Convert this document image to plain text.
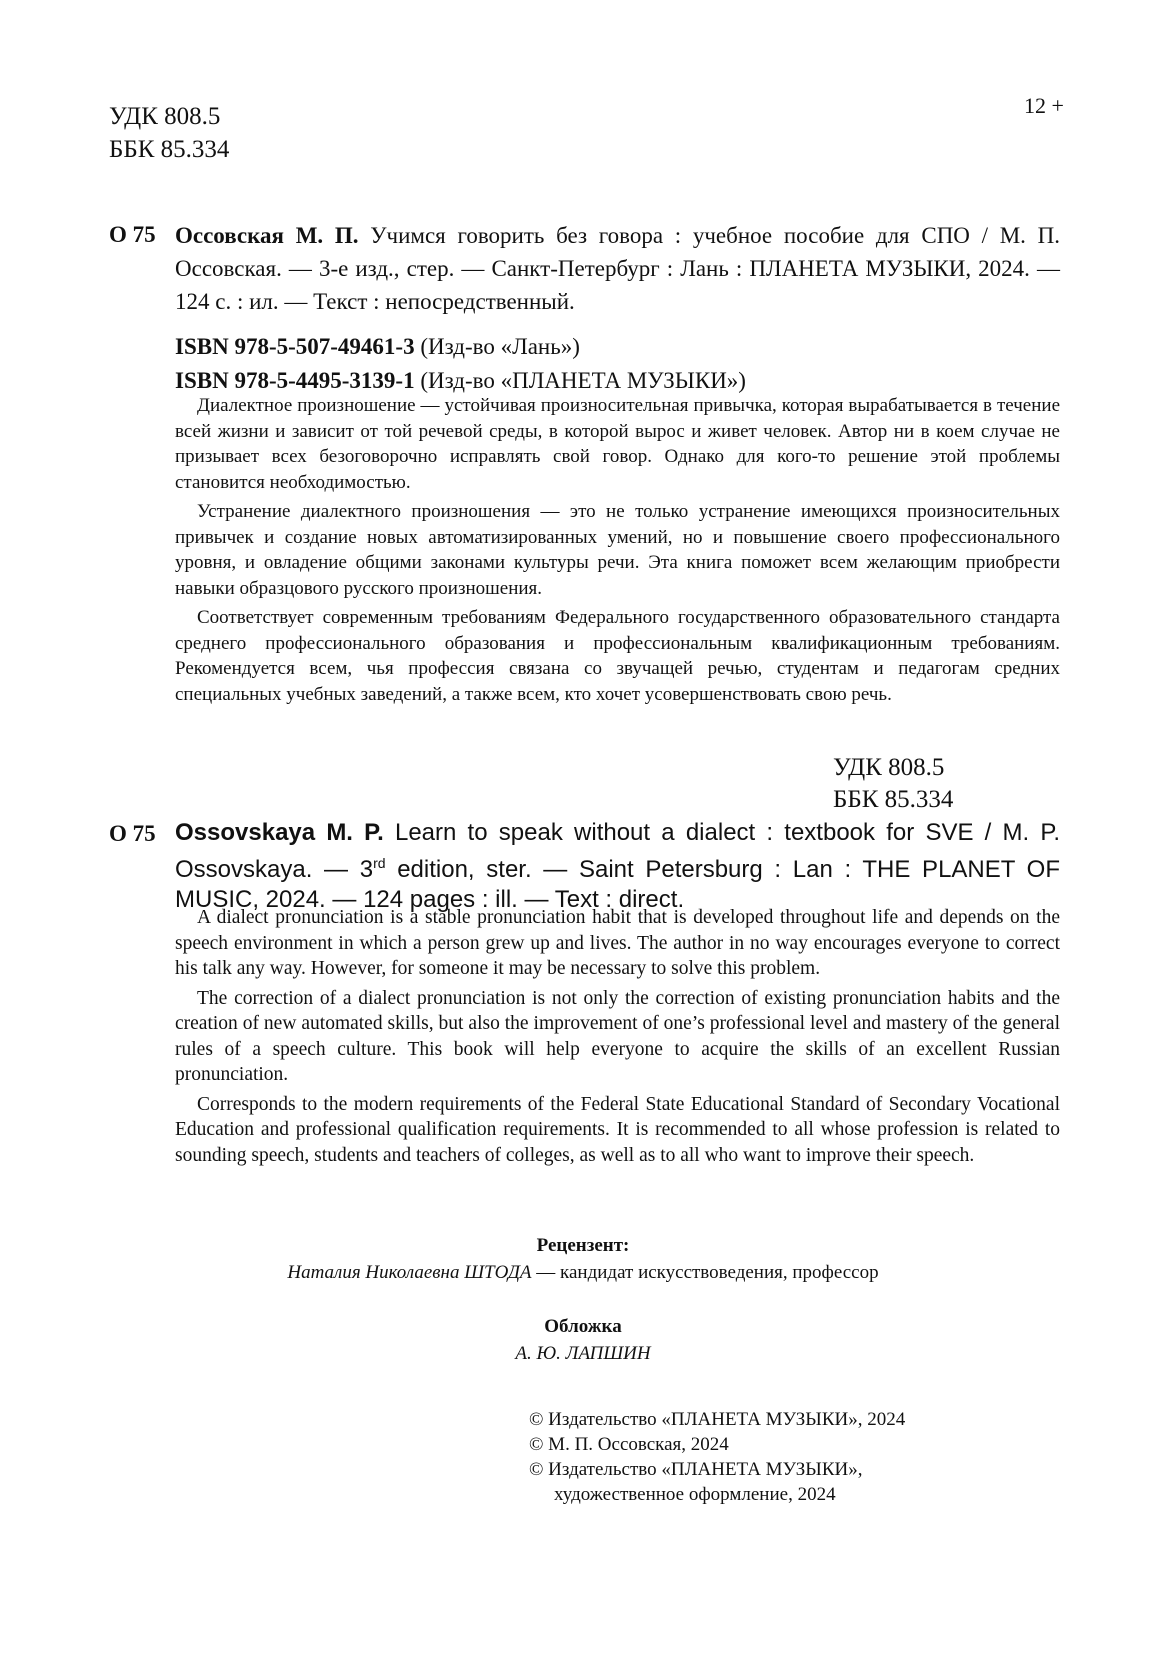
12 +
УДК 808.5
ББК 85.334
О 75 Оссовская М. П. Учимся говорить без говора : учебное пособие для СПО / М. П. Оссовская. — 3-е изд., стер. — Санкт-Петербург : Лань : ПЛАНЕТА МУЗЫКИ, 2024. — 124 с. : ил. — Текст : непосредственный.
ISBN 978-5-507-49461-3 (Изд-во «Лань»)
ISBN 978-5-4495-3139-1 (Изд-во «ПЛАНЕТА МУЗЫКИ»)

Диалектное произношение — устойчивая произносительная привычка, которая вырабатывается в течение всей жизни и зависит от той речевой среды, в которой вырос и живет человек. Автор ни в коем случае не призывает всех безоговорочно исправлять свой говор. Однако для кого-то решение этой проблемы становится необходимостью.

Устранение диалектного произношения — это не только устранение имеющихся произносительных привычек и создание новых автоматизированных умений, но и повышение своего профессионального уровня, и овладение общими законами культуры речи. Эта книга поможет всем желающим приобрести навыки образцового русского произношения.

Соответствует современным требованиям Федерального государственного образовательного стандарта среднего профессионального образования и профессиональным квалификационным требованиям. Рекомендуется всем, чья профессия связана со звучащей речью, студентам и педагогам средних специальных учебных заведений, а также всем, кто хочет усовершенствовать свою речь.

УДК 808.5
ББК 85.334
О 75 Ossovskaya M. P. Learn to speak without a dialect : textbook for SVE / M. P. Ossovskaya. — 3rd edition, ster. — Saint Petersburg : Lan : THE PLANET OF MUSIC, 2024. — 124 pages : ill. — Text : direct.

A dialect pronunciation is a stable pronunciation habit that is developed throughout life and depends on the speech environment in which a person grew up and lives. The author in no way encourages everyone to correct his talk any way. However, for someone it may be necessary to solve this problem.

The correction of a dialect pronunciation is not only the correction of existing pronunciation habits and the creation of new automated skills, but also the improvement of one’s professional level and mastery of the general rules of a speech culture. This book will help everyone to acquire the skills of an excellent Russian pronunciation.

Corresponds to the modern requirements of the Federal State Educational Standard of Secondary Vocational Education and professional qualification requirements. It is recommended to all whose profession is related to sounding speech, students and teachers of colleges, as well as to all who want to improve their speech.

Рецензент:
Наталия Николаевна ШТОДА — кандидат искусствоведения, профессор
Обложка
А. Ю. ЛАПШИН
© Издательство «ПЛАНЕТА МУЗЫКИ», 2024
© М. П. Оссовская, 2024
© Издательство «ПЛАНЕТА МУЗЫКИ»,
художественное оформление, 2024
